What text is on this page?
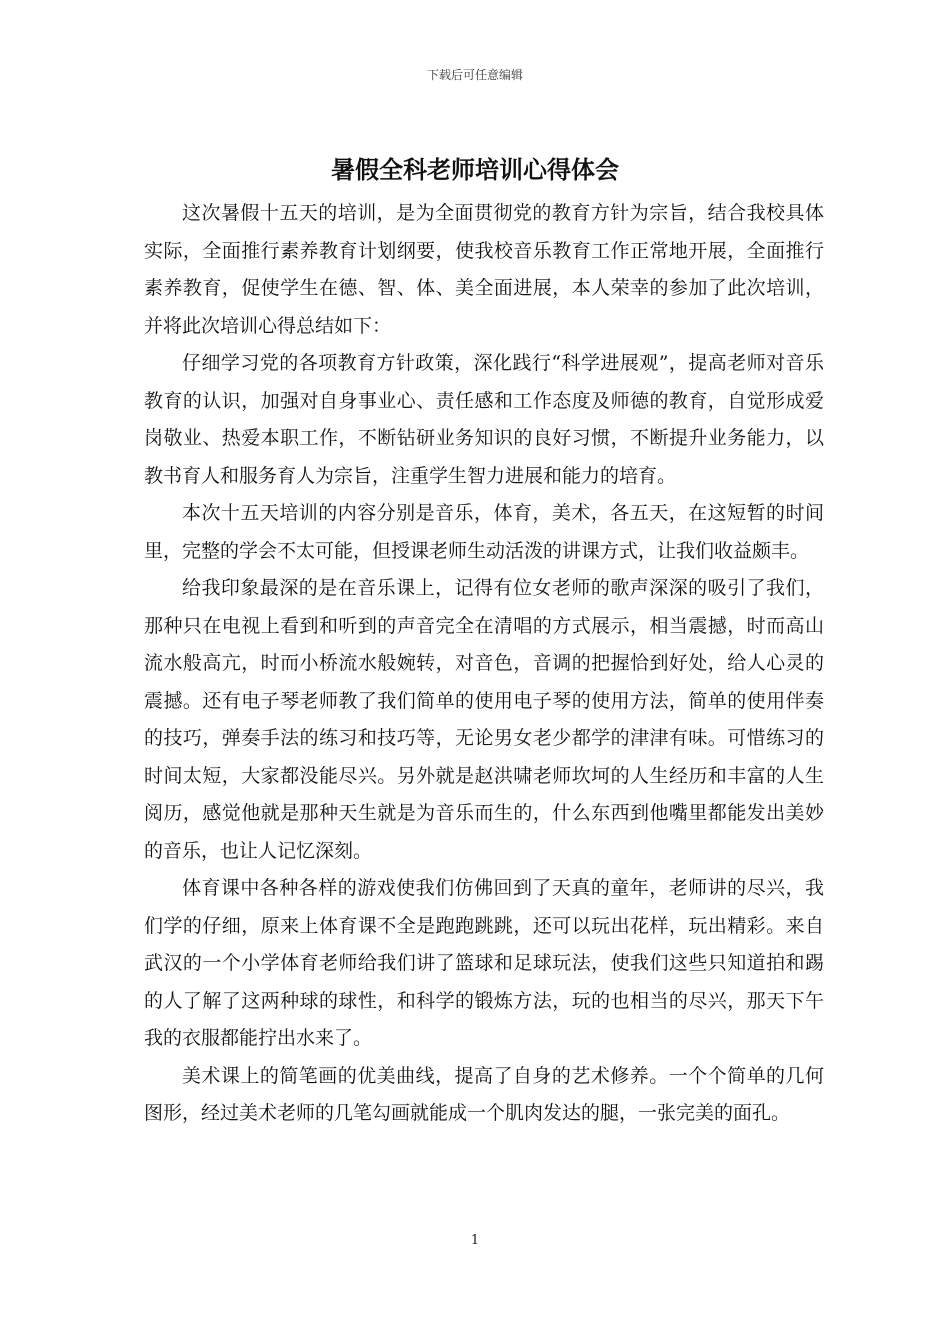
下载后可任意编辑
暑假全科老师培训心得体会

这次暑假十五天的培训，是为全面贯彻党的教育方针为宗旨，结合我校具体实际，全面推行素养教育计划纲要，使我校音乐教育工作正常地开展，全面推行素养教育，促使学生在德、智、体、美全面进展，本人荣幸的参加了此次培训，并将此次培训心得总结如下：

仔细学习党的各项教育方针政策，深化践行“科学进展观”，提高老师对音乐教育的认识，加强对自身事业心、责任感和工作态度及师德的教育，自觉形成爱岗敬业、热爱本职工作，不断钻研业务知识的良好习惯，不断提升业务能力，以教书育人和服务育人为宗旨，注重学生智力进展和能力的培育。

本次十五天培训的内容分别是音乐，体育，美术，各五天，在这短暂的时间里，完整的学会不太可能，但授课老师生动活泼的讲课方式，让我们收益颇丰。

给我印象最深的是在音乐课上，记得有位女老师的歌声深深的吸引了我们，那种只在电视上看到和听到的声音完全在清唱的方式展示，相当震撼，时而高山流水般高亢，时而小桥流水般婉转，对音色，音调的把握恰到好处，给人心灵的震撼。还有电子琴老师教了我们简单的使用电子琴的使用方法，简单的使用伴奏的技巧，弹奏手法的练习和技巧等，无论男女老少都学的津津有味。可惜练习的时间太短，大家都没能尽兴。另外就是赵洪啸老师坎坷的人生经历和丰富的人生阅历，感觉他就是那种天生就是为音乐而生的，什么东西到他嘴里都能发出美妙的音乐，也让人记忆深刻。

体育课中各种各样的游戏使我们仿佛回到了天真的童年，老师讲的尽兴，我们学的仔细，原来上体育课不全是跑跑跳跳，还可以玩出花样，玩出精彩。来自武汉的一个小学体育老师给我们讲了篮球和足球玩法，使我们这些只知道拍和踢的人了解了这两种球的球性，和科学的锻炼方法，玩的也相当的尽兴，那天下午我的衣服都能拧出水来了。

美术课上的简笔画的优美曲线，提高了自身的艺术修养。一个个简单的几何图形，经过美术老师的几笔勾画就能成一个肌肉发达的腿，一张完美的面孔。

1
